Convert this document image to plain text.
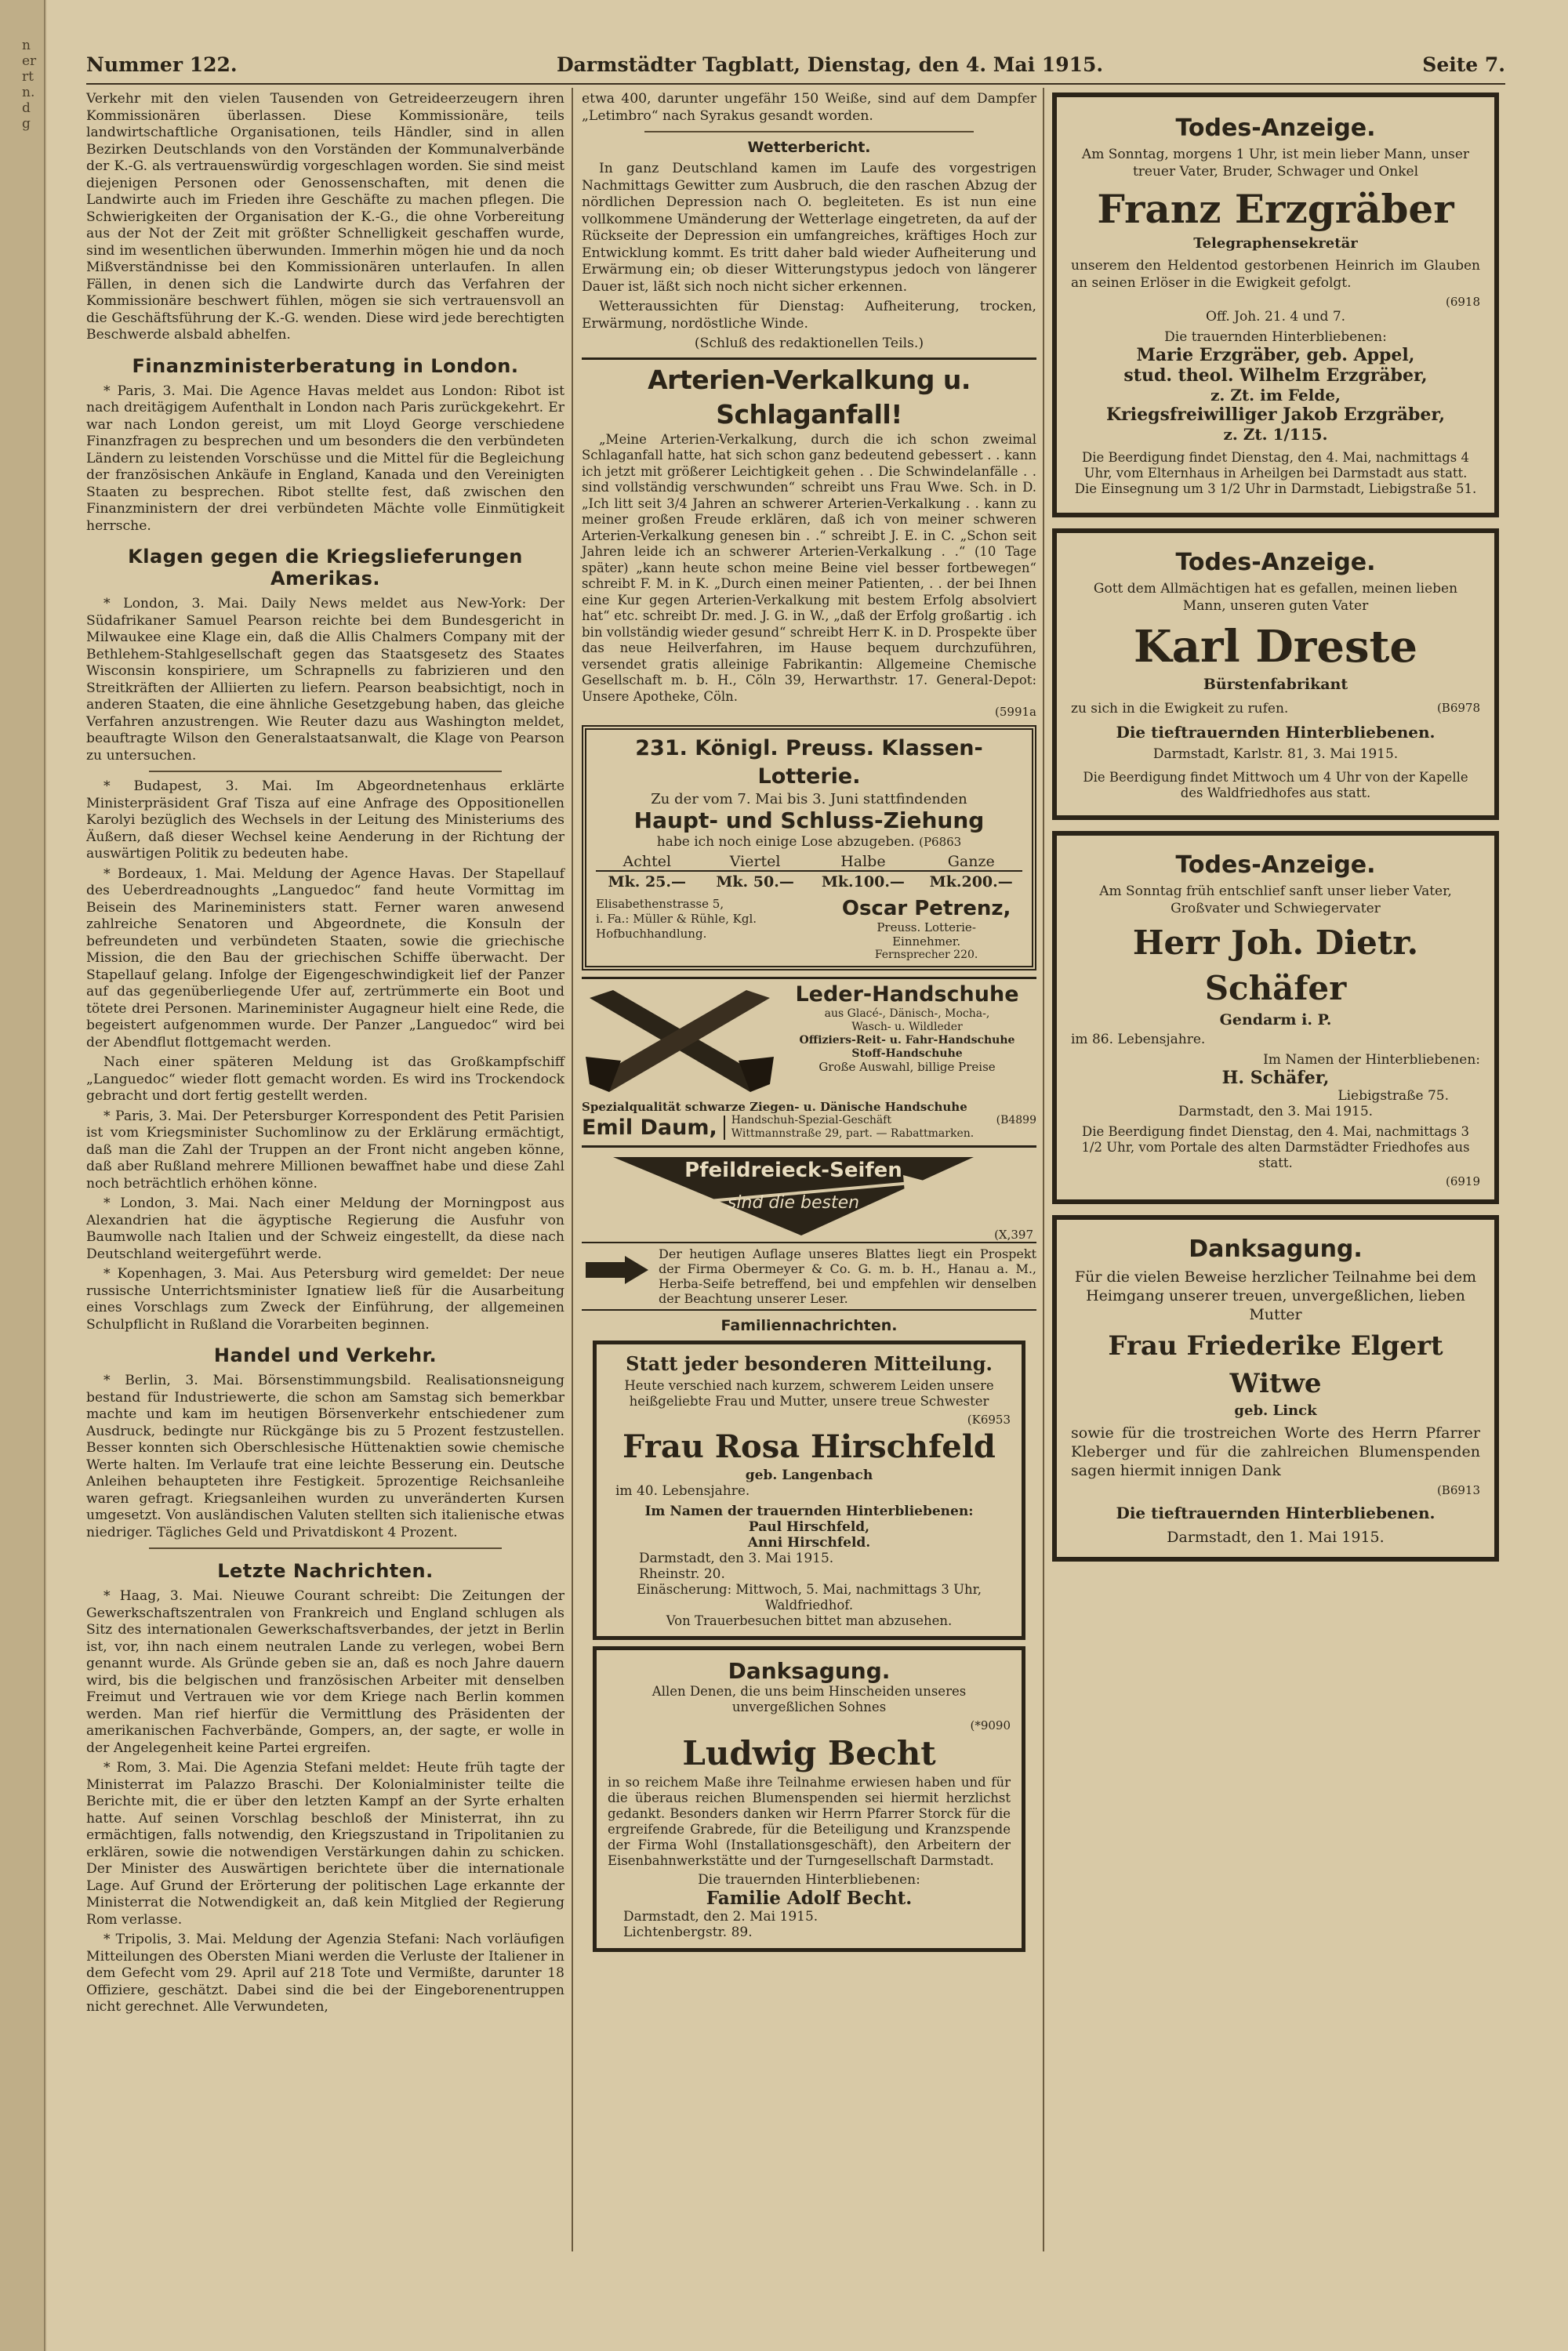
n
er
rt
n.
d
g
Nummer 122.	Darmstädter Tagblatt, Dienstag, den 4. Mai 1915.	Seite 7.

Verkehr mit den vielen Tausenden von Getreideerzeugern ihren Kommissionären überlassen. Diese Kommissionäre, teils landwirtschaftliche Organisationen, teils Händler, sind in allen Bezirken Deutschlands von den Vorständen der Kommunalverbände der K.-G. als vertrauenswürdig vorgeschlagen worden. Sie sind meist diejenigen Personen oder Genossenschaften, mit denen die Landwirte auch im Frieden ihre Geschäfte zu machen pflegen. Die Schwierigkeiten der Organisation der K.-G., die ohne Vorbereitung aus der Not der Zeit mit größter Schnelligkeit geschaffen wurde, sind im wesentlichen überwunden. Immerhin mögen hie und da noch Mißverständnisse bei den Kommissionären unterlaufen. In allen Fällen, in denen sich die Landwirte durch das Verfahren der Kommissionäre beschwert fühlen, mögen sie sich vertrauensvoll an die Geschäftsführung der K.-G. wenden. Diese wird jede berechtigten Beschwerde alsbald abhelfen.

Finanzministerberatung in London.

* Paris, 3. Mai. Die Agence Havas meldet aus London: Ribot ist nach dreitägigem Aufenthalt in London nach Paris zurückgekehrt. Er war nach London gereist, um mit Lloyd George verschiedene Finanzfragen zu besprechen und um besonders die den verbündeten Ländern zu leistenden Vorschüsse und die Mittel für die Begleichung der französischen Ankäufe in England, Kanada und den Vereinigten Staaten zu besprechen. Ribot stellte fest, daß zwischen den Finanzministern der drei verbündeten Mächte volle Einmütigkeit herrsche.

Klagen gegen die Kriegslieferungen Amerikas.

* London, 3. Mai. Daily News meldet aus New-York: Der Südafrikaner Samuel Pearson reichte bei dem Bundesgericht in Milwaukee eine Klage ein, daß die Allis Chalmers Company mit der Bethlehem-Stahlgesellschaft gegen das Staatsgesetz des Staates Wisconsin konspiriere, um Schrapnells zu fabrizieren und den Streitkräften der Alliierten zu liefern. Pearson beabsichtigt, noch in anderen Staaten, die eine ähnliche Gesetzgebung haben, das gleiche Verfahren anzustrengen. Wie Reuter dazu aus Washington meldet, beauftragte Wilson den Generalstaatsanwalt, die Klage von Pearson zu untersuchen.

* Budapest, 3. Mai. Im Abgeordnetenhaus erklärte Ministerpräsident Graf Tisza auf eine Anfrage des Oppositionellen Karolyi bezüglich des Wechsels in der Leitung des Ministeriums des Äußern, daß dieser Wechsel keine Aenderung in der Richtung der auswärtigen Politik zu bedeuten habe.

* Bordeaux, 1. Mai. Meldung der Agence Havas. Der Stapellauf des Ueberdreadnoughts „Languedoc“ fand heute Vormittag im Beisein des Marineministers statt. Ferner waren anwesend zahlreiche Senatoren und Abgeordnete, die Konsuln der befreundeten und verbündeten Staaten, sowie die griechische Mission, die den Bau der griechischen Schiffe überwacht. Der Stapellauf gelang. Infolge der Eigengeschwindigkeit lief der Panzer auf das gegenüberliegende Ufer auf, zertrümmerte ein Boot und tötete drei Personen. Marineminister Augagneur hielt eine Rede, die begeistert aufgenommen wurde. Der Panzer „Languedoc“ wird bei der Abendflut flottgemacht werden.

Nach einer späteren Meldung ist das Großkampfschiff „Languedoc“ wieder flott gemacht worden. Es wird ins Trockendock gebracht und dort fertig gestellt werden.

* Paris, 3. Mai. Der Petersburger Korrespondent des Petit Parisien ist vom Kriegsminister Suchomlinow zu der Erklärung ermächtigt, daß man die Zahl der Truppen an der Front nicht angeben könne, daß aber Rußland mehrere Millionen bewaffnet habe und diese Zahl noch beträchtlich erhöhen könne.

* London, 3. Mai. Nach einer Meldung der Morningpost aus Alexandrien hat die ägyptische Regierung die Ausfuhr von Baumwolle nach Italien und der Schweiz eingestellt, da diese nach Deutschland weitergeführt werde.

* Kopenhagen, 3. Mai. Aus Petersburg wird gemeldet: Der neue russische Unterrichtsminister Ignatiew ließ für die Ausarbeitung eines Vorschlags zum Zweck der Einführung, der allgemeinen Schulpflicht in Rußland die Vorarbeiten beginnen.

Handel und Verkehr.

* Berlin, 3. Mai. Börsenstimmungsbild. Realisationsneigung bestand für Industriewerte, die schon am Samstag sich bemerkbar machte und kam im heutigen Börsenverkehr entschiedener zum Ausdruck, bedingte nur Rückgänge bis zu 5 Prozent festzustellen. Besser konnten sich Oberschlesische Hüttenaktien sowie chemische Werte halten. Im Verlaufe trat eine leichte Besserung ein. Deutsche Anleihen behaupteten ihre Festigkeit. 5prozentige Reichsanleihe waren gefragt. Kriegsanleihen wurden zu unveränderten Kursen umgesetzt. Von ausländischen Valuten stellten sich italienische etwas niedriger. Tägliches Geld und Privatdiskont 4 Prozent.

Letzte Nachrichten.

* Haag, 3. Mai. Nieuwe Courant schreibt: Die Zeitungen der Gewerkschaftszentralen von Frankreich und England schlugen als Sitz des internationalen Gewerkschaftsverbandes, der jetzt in Berlin ist, vor, ihn nach einem neutralen Lande zu verlegen, wobei Bern genannt wurde. Als Gründe geben sie an, daß es noch Jahre dauern wird, bis die belgischen und französischen Arbeiter mit denselben Freimut und Vertrauen wie vor dem Kriege nach Berlin kommen werden. Man rief hierfür die Vermittlung des Präsidenten der amerikanischen Fachverbände, Gompers, an, der sagte, er wolle in der Angelegenheit keine Partei ergreifen.

* Rom, 3. Mai. Die Agenzia Stefani meldet: Heute früh tagte der Ministerrat im Palazzo Braschi. Der Kolonialminister teilte die Berichte mit, die er über den letzten Kampf an der Syrte erhalten hatte. Auf seinen Vorschlag beschloß der Ministerrat, ihn zu ermächtigen, falls notwendig, den Kriegszustand in Tripolitanien zu erklären, sowie die notwendigen Verstärkungen dahin zu schicken. Der Minister des Auswärtigen berichtete über die internationale Lage. Auf Grund der Erörterung der politischen Lage erkannte der Ministerrat die Notwendigkeit an, daß kein Mitglied der Regierung Rom verlasse.

* Tripolis, 3. Mai. Meldung der Agenzia Stefani: Nach vorläufigen Mitteilungen des Obersten Miani werden die Verluste der Italiener in dem Gefecht vom 29. April auf 218 Tote und Vermißte, darunter 18 Offiziere, geschätzt. Dabei sind die bei der Eingeborenentruppen nicht gerechnet. Alle Verwundeten,

etwa 400, darunter ungefähr 150 Weiße, sind auf dem Dampfer „Letimbro“ nach Syrakus gesandt worden.

Wetterbericht.

In ganz Deutschland kamen im Laufe des vorgestrigen Nachmittags Gewitter zum Ausbruch, die den raschen Abzug der nördlichen Depression nach O. begleiteten. Es ist nun eine vollkommene Umänderung der Wetterlage eingetreten, da auf der Rückseite der Depression ein umfangreiches, kräftiges Hoch zur Entwicklung kommt. Es tritt daher bald wieder Aufheiterung und Erwärmung ein; ob dieser Witterungstypus jedoch von längerer Dauer ist, läßt sich noch nicht sicher erkennen.

Wetteraussichten für Dienstag: Aufheiterung, trocken, Erwärmung, nordöstliche Winde.

(Schluß des redaktionellen Teils.)

Arterien-Verkalkung u. Schlaganfall!

„Meine Arterien-Verkalkung, durch die ich schon zweimal Schlaganfall hatte, hat sich schon ganz bedeutend gebessert . . kann ich jetzt mit größerer Leichtigkeit gehen . . Die Schwindelanfälle . . sind vollständig verschwunden“ schreibt uns Frau Wwe. Sch. in D. „Ich litt seit 3/4 Jahren an schwerer Arterien-Verkalkung . . kann zu meiner großen Freude erklären, daß ich von meiner schweren Arterien-Verkalkung genesen bin . .“ schreibt J. E. in C. „Schon seit Jahren leide ich an schwerer Arterien-Verkalkung . .“ (10 Tage später) „kann heute schon meine Beine viel besser fortbewegen“ schreibt F. M. in K. „Durch einen meiner Patienten, . . der bei Ihnen eine Kur gegen Arterien-Verkalkung mit bestem Erfolg absolviert hat“ etc. schreibt Dr. med. J. G. in W., „daß der Erfolg großartig . ich bin vollständig wieder gesund“ schreibt Herr K. in D. Prospekte über das neue Heilverfahren, im Hause bequem durchzuführen, versendet gratis alleinige Fabrikantin: Allgemeine Chemische Gesellschaft m. b. H., Cöln 39, Herwarthstr. 17. General-Depot: Unsere Apotheke, Cöln.

(5991a
231. Königl. Preuss. Klassen-Lotterie.
Zu der vom 7. Mai bis 3. Juni stattfindenden
Haupt- und Schluss-Ziehung
habe ich noch einige Lose abzugeben. (P6863
Achtel	Viertel	Halbe	Ganze
Mk. 25.—	Mk. 50.—	Mk.100.—	Mk.200.—
Elisabethenstrasse 5,
i. Fa.: Müller & Rühle, Kgl.
Hofbuchhandlung.
Oscar Petrenz,
Preuss. Lotterie-
Einnehmer.
Fernsprecher 220.
Leder-Handschuhe
aus Glacé-, Dänisch-, Mocha-,
Wasch- u. Wildleder
Offiziers-Reit- u. Fahr-Handschuhe
Stoff-Handschuhe
Große Auswahl, billige Preise
Spezialqualität schwarze Ziegen- u. Dänische Handschuhe
Emil Daum,	Handschuh-Spezial-Geschäft	(B4899
Wittmannstraße 29, part. — Rabattmarken.
Pfeildreieck-Seifen
sind die besten
(X,397

Der heutigen Auflage unseres Blattes liegt ein Prospekt der Firma Obermeyer & Co. G. m. b. H., Hanau a. M., Herba-Seife betreffend, bei und empfehlen wir denselben der Beachtung unserer Leser.

Familiennachrichten.
Statt jeder besonderen Mitteilung.

Heute verschied nach kurzem, schwerem Leiden unsere heißgeliebte Frau und Mutter, unsere treue Schwester

(K6953
Frau Rosa Hirschfeld
geb. Langenbach
im 40. Lebensjahre.
Im Namen der trauernden Hinterbliebenen:
Paul Hirschfeld,
Anni Hirschfeld.
Darmstadt, den 3. Mai 1915.
Rheinstr. 20.
Einäscherung: Mittwoch, 5. Mai, nachmittags 3 Uhr, Waldfriedhof.
Von Trauerbesuchen bittet man abzusehen.
Danksagung.

Allen Denen, die uns beim Hinscheiden unseres unvergeßlichen Sohnes

(*9090
Ludwig Becht

in so reichem Maße ihre Teilnahme erwiesen haben und für die überaus reichen Blumenspenden sei hiermit herzlichst gedankt. Besonders danken wir Herrn Pfarrer Storck für die ergreifende Grabrede, für die Beteiligung und Kranzspende der Firma Wohl (Installationsgeschäft), den Arbeitern der Eisenbahnwerkstätte und der Turngesellschaft Darmstadt.

Die trauernden Hinterbliebenen:
Familie Adolf Becht.
Darmstadt, den 2. Mai 1915.
Lichtenbergstr. 89.
Todes-Anzeige.

Am Sonntag, morgens 1 Uhr, ist mein lieber Mann, unser treuer Vater, Bruder, Schwager und Onkel

Franz Erzgräber
Telegraphensekretär

unserem den Heldentod gestorbenen Heinrich im Glauben an seinen Erlöser in die Ewigkeit gefolgt.

(6918
Off. Joh. 21. 4 und 7.
Die trauernden Hinterbliebenen:
Marie Erzgräber, geb. Appel,
stud. theol. Wilhelm Erzgräber,
z. Zt. im Felde,
Kriegsfreiwilliger Jakob Erzgräber,
z. Zt. 1/115.

Die Beerdigung findet Dienstag, den 4. Mai, nachmittags 4 Uhr, vom Elternhaus in Arheilgen bei Darmstadt aus statt. Die Einsegnung um 3 1/2 Uhr in Darmstadt, Liebigstraße 51.

Todes-Anzeige.

Gott dem Allmächtigen hat es gefallen, meinen lieben Mann, unseren guten Vater

Karl Dreste
Bürstenfabrikant
zu sich in die Ewigkeit zu rufen.	(B6978
Die tieftrauernden Hinterbliebenen.
Darmstadt, Karlstr. 81, 3. Mai 1915.

Die Beerdigung findet Mittwoch um 4 Uhr von der Kapelle des Waldfriedhofes aus statt.

Todes-Anzeige.

Am Sonntag früh entschlief sanft unser lieber Vater, Großvater und Schwiegervater

Herr Joh. Dietr. Schäfer
Gendarm i. P.
im 86. Lebensjahre.
Im Namen der Hinterbliebenen:
H. Schäfer,
Liebigstraße 75.
Darmstadt, den 3. Mai 1915.

Die Beerdigung findet Dienstag, den 4. Mai, nachmittags 3 1/2 Uhr, vom Portale des alten Darmstädter Friedhofes aus statt.

(6919
Danksagung.

Für die vielen Beweise herzlicher Teilnahme bei dem Heimgang unserer treuen, unvergeßlichen, lieben Mutter

Frau Friederike Elgert Witwe
geb. Linck

sowie für die trostreichen Worte des Herrn Pfarrer Kleberger und für die zahlreichen Blumenspenden sagen hiermit innigen Dank

(B6913
Die tieftrauernden Hinterbliebenen.
Darmstadt, den 1. Mai 1915.
